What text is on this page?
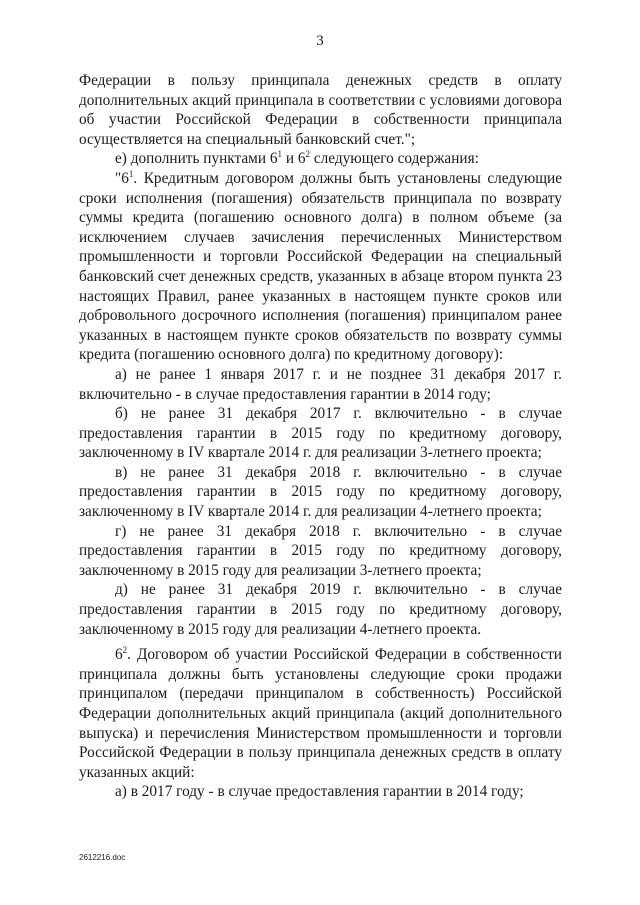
3

Федерации в пользу принципала денежных средств в оплату дополнительных акций принципала в соответствии с условиями договора об участии Российской Федерации в собственности принципала осуществляется на специальный банковский счет.";

е) дополнить пунктами $6^1$ и $6^2$ следующего содержания:

"$6^1$. Кредитным договором должны быть установлены следующие сроки исполнения (погашения) обязательств принципала по возврату суммы кредита (погашению основного долга) в полном объеме (за исключением случаев зачисления перечисленных Министерством промышленности и торговли Российской Федерации на специальный банковский счет денежных средств, указанных в абзаце втором пункта 23 настоящих Правил, ранее указанных в настоящем пункте сроков или добровольного досрочного исполнения (погашения) принципалом ранее указанных в настоящем пункте сроков обязательств по возврату суммы кредита (погашению основного долга) по кредитному договору):

а) не ранее 1 января 2017 г. и не позднее 31 декабря 2017 г. включительно - в случае предоставления гарантии в 2014 году;

б) не ранее 31 декабря 2017 г. включительно - в случае предоставления гарантии в 2015 году по кредитному договору, заключенному в IV квартале 2014 г. для реализации 3-летнего проекта;

в) не ранее 31 декабря 2018 г. включительно - в случае предоставления гарантии в 2015 году по кредитному договору, заключенному в IV квартале 2014 г. для реализации 4-летнего проекта;

г) не ранее 31 декабря 2018 г. включительно - в случае предоставления гарантии в 2015 году по кредитному договору, заключенному в 2015 году для реализации 3-летнего проекта;

д) не ранее 31 декабря 2019 г. включительно - в случае предоставления гарантии в 2015 году по кредитному договору, заключенному в 2015 году для реализации 4-летнего проекта.

$6^2$. Договором об участии Российской Федерации в собственности принципала должны быть установлены следующие сроки продажи принципалом (передачи принципалом в собственность) Российской Федерации дополнительных акций принципала (акций дополнительного выпуска) и перечисления Министерством промышленности и торговли Российской Федерации в пользу принципала денежных средств в оплату указанных акций:

а) в 2017 году - в случае предоставления гарантии в 2014 году;

2612216.doc
